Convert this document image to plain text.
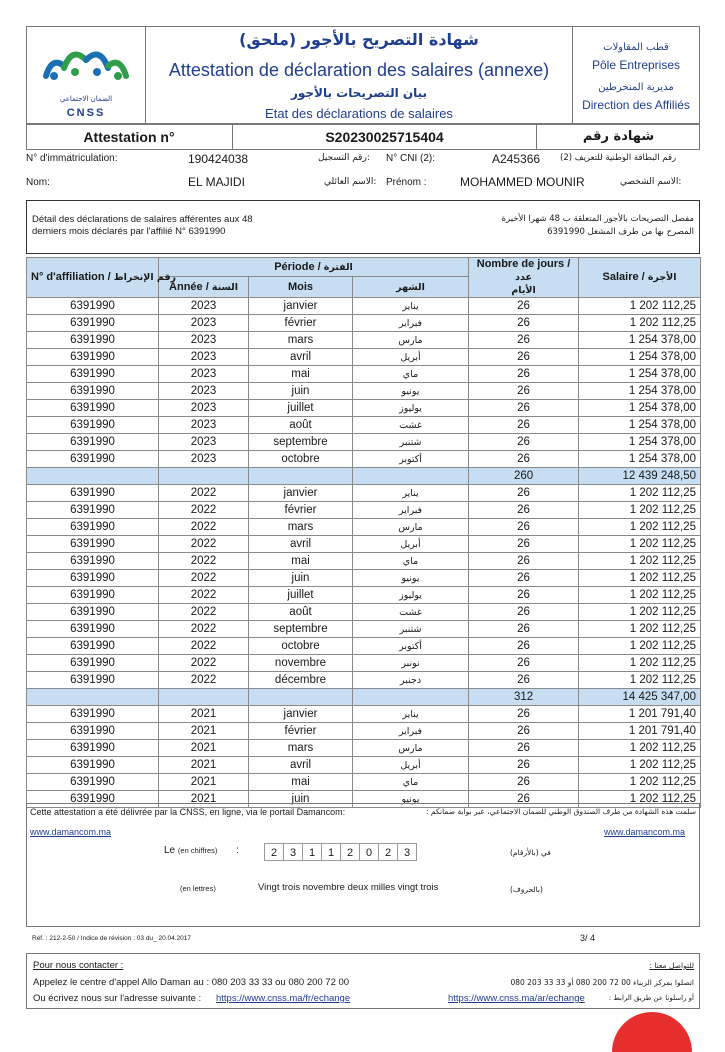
الضمان الاجتماعي
CNSS
شهادة التصريح بالأجور (ملحق)
Attestation de déclaration des salaires (annexe)
بيان التصريحات بالأجور
Etat des déclarations de salaires
قطب المقاولات
Pôle Entreprises
مديرية المنخرطين
Direction des Affiliés
Attestation n°	S20230025715404	شهادة رقم
N° d'immatriculation:	190424038	رقم التسجيل: N° CNI (2):	A245366 رقم البطاقة الوطنية للتعريف (2)
Nom:	EL MAJIDI	الاسم العائلي: Prénom :	MOHAMMED MOUNIR	الاسم الشخصي:
Détail des déclarations de salaires afférentes aux 48
derniers mois déclarés par l'affilié N° 6391990
مفصل التصريحات بالأجور المتعلقة ب 48 شهرا الأخيرة
المصرح بها من طرف المشغل 6391990
N° d'affiliation / رقم الإنخراط	Période / الفترة			Nombre de jours / عدد
الأيام	Salaire / الأجرة
	Année / السنة	Mois	الشهر		
6391990	2023	janvier	يناير	26	1 202 112,25
6391990	2023	février	فبراير	26	1 202 112,25
6391990	2023	mars	مارس	26	1 254 378,00
6391990	2023	avril	أبريل	26	1 254 378,00
6391990	2023	mai	ماي	26	1 254 378,00
6391990	2023	juin	يونيو	26	1 254 378,00
6391990	2023	juillet	يوليوز	26	1 254 378,00
6391990	2023	août	غشت	26	1 254 378,00
6391990	2023	septembre	شتنبر	26	1 254 378,00
6391990	2023	octobre	أكتوبر	26	1 254 378,00
				260	12 439 248,50
6391990	2022	janvier	يناير	26	1 202 112,25
6391990	2022	février	فبراير	26	1 202 112,25
6391990	2022	mars	مارس	26	1 202 112,25
6391990	2022	avril	أبريل	26	1 202 112,25
6391990	2022	mai	ماي	26	1 202 112,25
6391990	2022	juin	يونيو	26	1 202 112,25
6391990	2022	juillet	يوليوز	26	1 202 112,25
6391990	2022	août	غشت	26	1 202 112,25
6391990	2022	septembre	شتنبر	26	1 202 112,25
6391990	2022	octobre	أكتوبر	26	1 202 112,25
6391990	2022	novembre	نونبر	26	1 202 112,25
6391990	2022	décembre	دجنبر	26	1 202 112,25
				312	14 425 347,00
6391990	2021	janvier	يناير	26	1 201 791,40
6391990	2021	février	فبراير	26	1 201 791,40
6391990	2021	mars	مارس	26	1 202 112,25
6391990	2021	avril	أبريل	26	1 202 112,25
6391990	2021	mai	ماي	26	1 202 112,25
6391990	2021	juin	يونيو	26	1 202 112,25
Cette attestation a été délivrée par la CNSS, en ligne, via le portail Damancom:	سلمت هذه الشهادة من طرف الصندوق الوطني للضمان الاجتماعي، عبر بوابة ضمانكم :
www.damancom.ma	www.damancom.ma
Le (en chiffres) :	2 3 1 1 2 0 2 3	في (بالأرقام)
(en lettres)	Vingt trois novembre deux milles vingt trois	(بالحروف)
Réf. : 212-2-50 / Indice de révision : 03 du_ 20.04.2017	3/ 4
Pour nous contacter :	للتواصل معنا :
Appelez le centre d'appel Allo Daman au : 080 203 33 33 ou 080 200 72 00	اتصلوا بمركز الزبناء 00 72 200 080 أو 33 33 203 080
Ou écrivez nous sur l'adresse suivante : https://www.cnss.ma/fr/echange	https://www.cnss.ma/ar/echange	أو راسلونا عن طريق الرابط :
